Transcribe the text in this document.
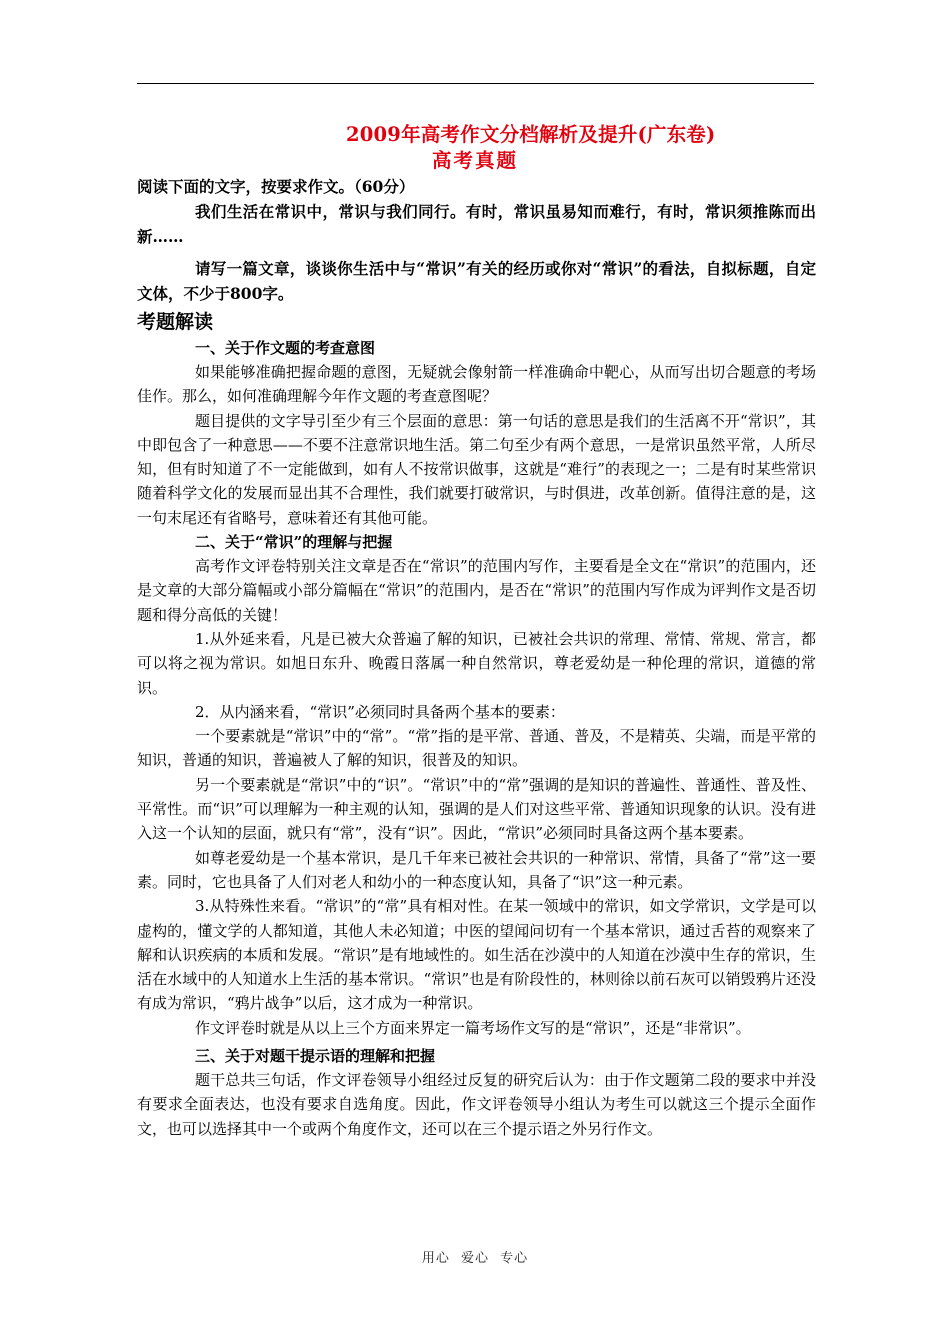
2009年高考作文分档解析及提升(广东卷)
高考真题

阅读下面的文字，按要求作文。（60分）

我们生活在常识中，常识与我们同行。有时，常识虽易知而难行，有时，常识须推陈而出新……

请写一篇文章，谈谈你生活中与“常识”有关的经历或你对“常识”的看法，自拟标题，自定文体，不少于800字。

考题解读
一、关于作文题的考查意图

如果能够准确把握命题的意图，无疑就会像射箭一样准确命中靶心，从而写出切合题意的考场佳作。那么，如何准确理解今年作文题的考查意图呢？

题目提供的文字导引至少有三个层面的意思：第一句话的意思是我们的生活离不开“常识”，其中即包含了一种意思——不要不注意常识地生活。第二句至少有两个意思，一是常识虽然平常，人所尽知，但有时知道了不一定能做到，如有人不按常识做事，这就是“难行”的表现之一；二是有时某些常识随着科学文化的发展而显出其不合理性，我们就要打破常识，与时俱进，改革创新。值得注意的是，这一句末尾还有省略号，意味着还有其他可能。

二、关于“常识”的理解与把握

高考作文评卷特别关注文章是否在“常识”的范围内写作，主要看是全文在“常识”的范围内，还是文章的大部分篇幅或小部分篇幅在“常识”的范围内，是否在“常识”的范围内写作成为评判作文是否切题和得分高低的关键！

1.从外延来看，凡是已被大众普遍了解的知识，已被社会共识的常理、常情、常规、常言，都可以将之视为常识。如旭日东升、晚霞日落属一种自然常识，尊老爱幼是一种伦理的常识，道德的常识。

2．从内涵来看，“常识”必须同时具备两个基本的要素：

一个要素就是“常识”中的“常”。“常”指的是平常、普通、普及，不是精英、尖端，而是平常的知识，普通的知识，普遍被人了解的知识，很普及的知识。

另一个要素就是“常识”中的“识”。“常识”中的“常”强调的是知识的普遍性、普通性、普及性、平常性。而“识”可以理解为一种主观的认知，强调的是人们对这些平常、普通知识现象的认识。没有进入这一个认知的层面，就只有“常”，没有“识”。因此，“常识”必须同时具备这两个基本要素。

如尊老爱幼是一个基本常识，是几千年来已被社会共识的一种常识、常情，具备了“常”这一要素。同时，它也具备了人们对老人和幼小的一种态度认知，具备了“识”这一种元素。

3.从特殊性来看。“常识”的“常”具有相对性。在某一领域中的常识，如文学常识，文学是可以虚构的，懂文学的人都知道，其他人未必知道；中医的望闻问切有一个基本常识，通过舌苔的观察来了解和认识疾病的本质和发展。“常识”是有地域性的。如生活在沙漠中的人知道在沙漠中生存的常识，生活在水域中的人知道水上生活的基本常识。“常识”也是有阶段性的，林则徐以前石灰可以销毁鸦片还没有成为常识，“鸦片战争”以后，这才成为一种常识。

作文评卷时就是从以上三个方面来界定一篇考场作文写的是“常识”，还是“非常识”。

三、关于对题干提示语的理解和把握

题干总共三句话，作文评卷领导小组经过反复的研究后认为：由于作文题第二段的要求中并没有要求全面表达，也没有要求自选角度。因此，作文评卷领导小组认为考生可以就这三个提示全面作文，也可以选择其中一个或两个角度作文，还可以在三个提示语之外另行作文。

用心 爱心 专心
